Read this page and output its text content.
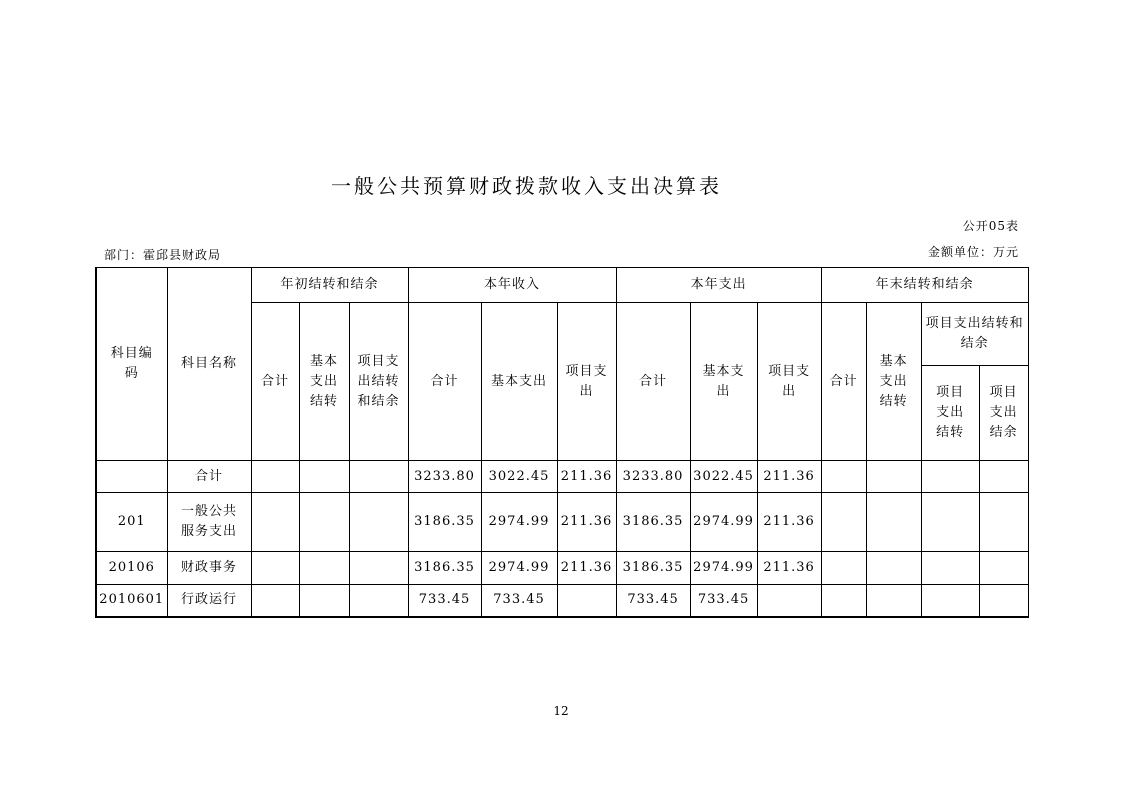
一般公共预算财政拨款收入支出决算表
公开05表
部门：霍邱县财政局	金额单位：万元
科目编码	科目名称	年初结转和结余			本年收入			本年支出			年末结转和结余			
		合计	基本支出结转	项目支出结转和结余	合计	基本支出	项目支出	合计	基本支出	项目支出	合计	基本支出结转	项目支出结转和结余	
													项目支出结转	项目支出结余
	合计				3233.80	3022.45	211.36	3233.80	3022.45	211.36				
201	一般公共服务支出				3186.35	2974.99	211.36	3186.35	2974.99	211.36				
20106	财政事务				3186.35	2974.99	211.36	3186.35	2974.99	211.36				
2010601	行政运行				733.45	733.45		733.45	733.45					
12
